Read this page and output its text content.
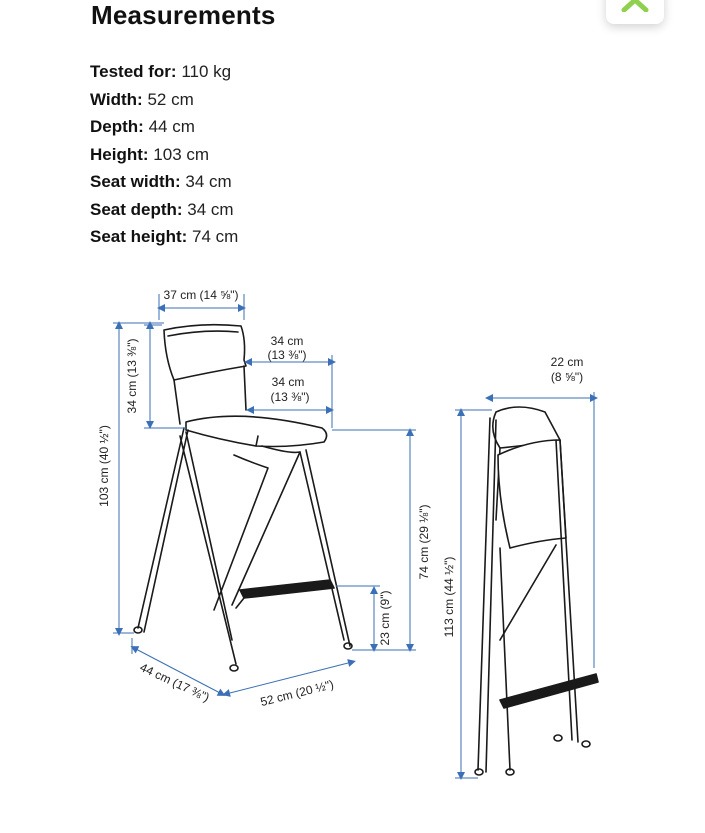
Measurements
Tested for: 110 kg
Width: 52 cm
Depth: 44 cm
Height: 103 cm
Seat width: 34 cm
Seat depth: 34 cm
Seat height: 74 cm
37 cm (14 ⅝")
34 cm
(13 ⅜")
34 cm
(13 ⅜")
34 cm (13 ⅜")
103 cm (40 ½")
74 cm (29 ⅛")
23 cm (9")
44 cm (17 ⅜")	52 cm (20 ½")
22 cm
(8 ⅝")
113 cm (44 ½")
